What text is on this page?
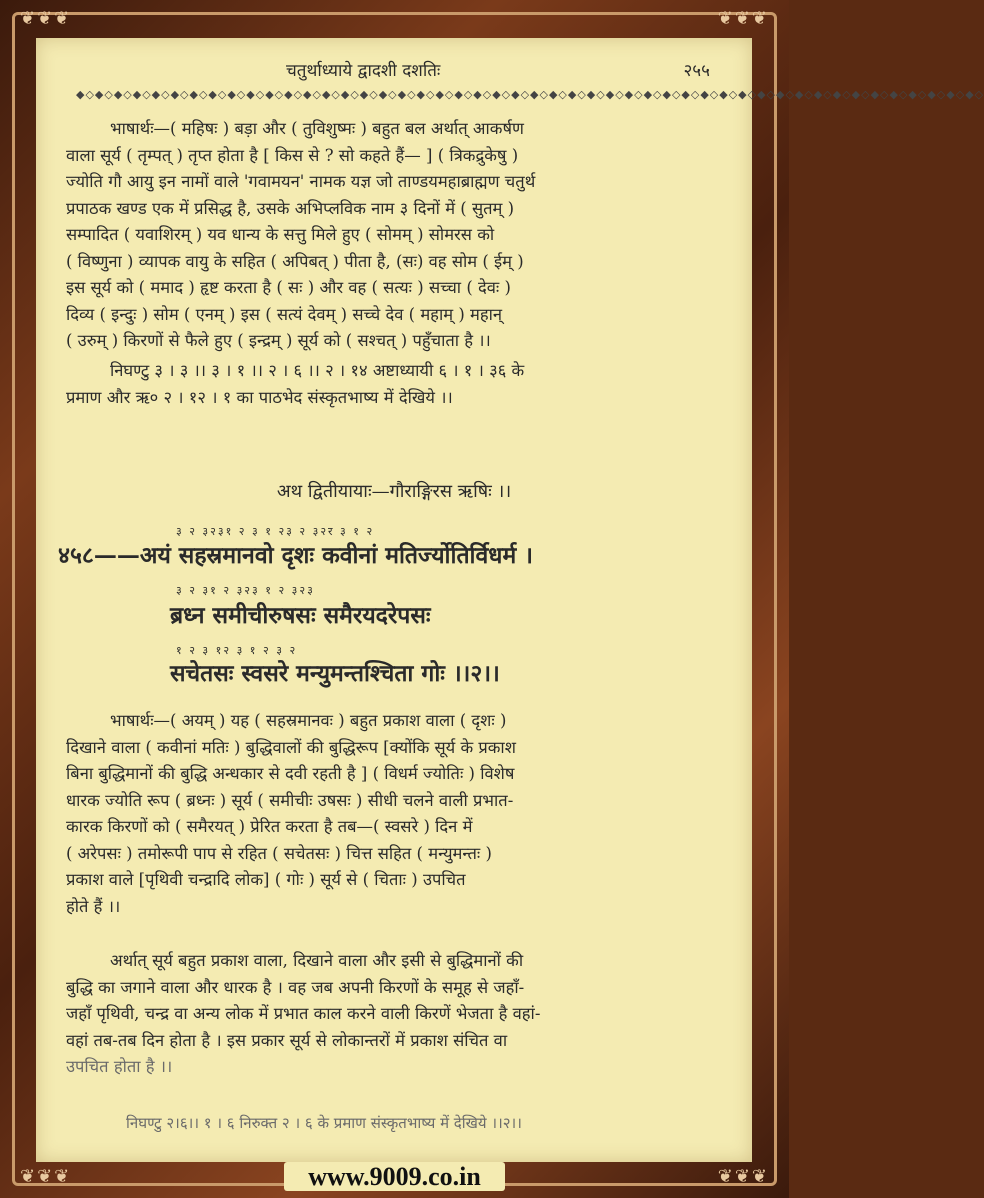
❦❦❦	❦❦❦
❦❦❦	❦❦❦
चतुर्थाध्याये द्वादशी दशतिः	२५५
◆◇◆◇◆◇◆◇◆◇◆◇◆◇◆◇◆◇◆◇◆◇◆◇◆◇◆◇◆◇◆◇◆◇◆◇◆◇◆◇◆◇◆◇◆◇◆◇◆◇◆◇◆◇◆◇◆◇◆◇◆◇◆◇◆◇◆◇◆◇◆◇◆◇◆◇◆◇◆◇◆◇◆◇◆◇◆◇◆◇◆◇◆◇◆◇
भाषार्थः—( महिषः ) बड़ा और ( तुविशुष्मः ) बहुत बल अर्थात् आकर्षण
वाला सूर्य ( तृम्पत् ) तृप्त होता है [ किस से ? सो कहते हैं— ] ( त्रिकद्रुकेषु )
ज्योति गौ आयु इन नामों वाले 'गवामयन' नामक यज्ञ जो ताण्डयमहाब्राह्मण चतुर्थ
प्रपाठक खण्ड एक में प्रसिद्ध है, उसके अभिप्लविक नाम ३ दिनों में ( सुतम् )
सम्पादित ( यवाशिरम् ) यव धान्य के सत्तु मिले हुए ( सोमम् ) सोमरस को
( विष्णुना ) व्यापक वायु के सहित ( अपिबत् ) पीता है, (सः) वह सोम ( ईम् )
इस सूर्य को ( ममाद ) हृष्ट करता है ( सः ) और वह ( सत्यः ) सच्चा ( देवः )
दिव्य ( इन्दुः ) सोम ( एनम् ) इस ( सत्यं देवम् ) सच्चे देव ( महाम् ) महान्
( उरुम् ) किरणों से फैले हुए ( इन्द्रम् ) सूर्य को ( सश्चत् ) पहुँचाता है ।।
निघण्टु ३ । ३ ।। ३ । १ ।। २ । ६ ।। २ । १४ अष्टाध्यायी ६ । १ । ३६ के
प्रमाण और ऋ० २ । १२ । १ का पाठभेद संस्कृतभाष्य में देखिये ।।
अथ द्वितीयायाः—गौराङ्गिरस ऋषिः ।।
३ २ ३२३१ २ ३ १ २३ २ ३२र ३ १ २
४५८——अयं सहस्रमानवो दृशः कवीनां मतिर्ज्योतिर्विधर्म ।
३ २ ३१ २ ३२३ १ २ ३२३
ब्रध्न समीचीरुषसः समैरयदरेपसः
१ २ ३ १२ ३ १ २ ३ २
सचेतसः स्वसरे मन्युमन्तश्चिता गोः ।।२।।
भाषार्थः—( अयम् ) यह ( सहस्रमानवः ) बहुत प्रकाश वाला ( दृशः )
दिखाने वाला ( कवीनां मतिः ) बुद्धिवालों की बुद्धिरूप [क्योंकि सूर्य के प्रकाश
बिना बुद्धिमानों की बुद्धि अन्धकार से दवी रहती है ] ( विधर्म ज्योतिः ) विशेष
धारक ज्योति रूप ( ब्रध्नः ) सूर्य ( समीचीः उषसः ) सीधी चलने वाली प्रभात-
कारक किरणों को ( समैरयत् ) प्रेरित करता है तब—( स्वसरे ) दिन में
( अरेपसः ) तमोरूपी पाप से रहित ( सचेतसः ) चित्त सहित ( मन्युमन्तः )
प्रकाश वाले [पृथिवी चन्द्रादि लोक] ( गोः ) सूर्य से ( चिताः ) उपचित
होते हैं ।।
अर्थात् सूर्य बहुत प्रकाश वाला, दिखाने वाला और इसी से बुद्धिमानों की
बुद्धि का जगाने वाला और धारक है । वह जब अपनी किरणों के समूह से जहाँ-
जहाँ पृथिवी, चन्द्र वा अन्य लोक में प्रभात काल करने वाली किरणें भेजता है वहां-
वहां तब-तब दिन होता है । इस प्रकार सूर्य से लोकान्तरों में प्रकाश संचित वा
उपचित होता है ।।
निघण्टु २।६।। १ । ६ निरुक्त २ । ६ के प्रमाण संस्कृतभाष्य में देखिये ।।२।।
www.9009.co.in
